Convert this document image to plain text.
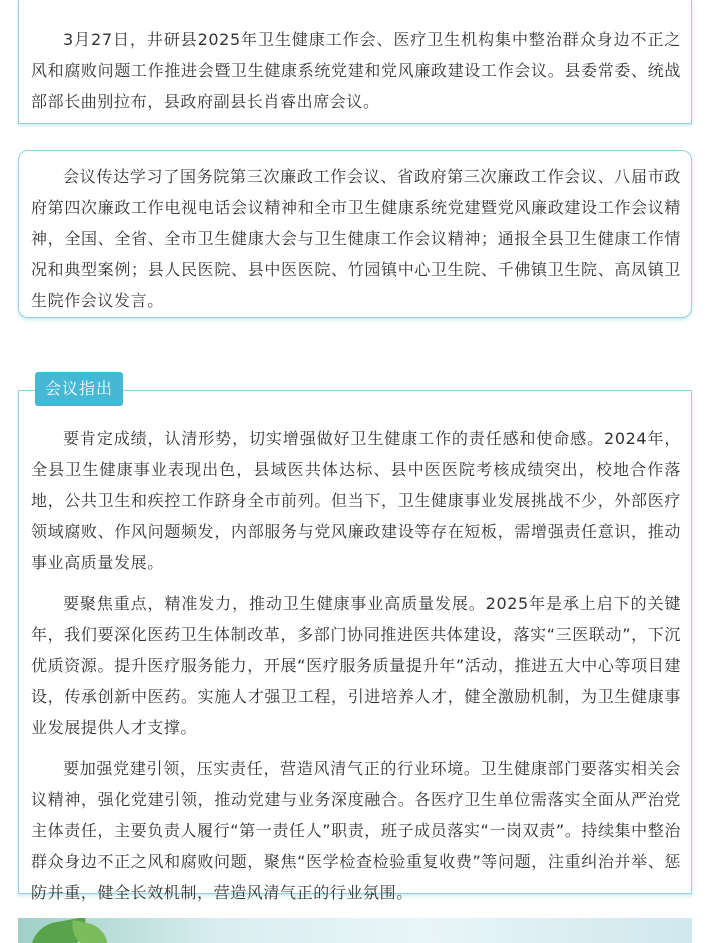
3月27日，井研县2025年卫生健康工作会、医疗卫生机构集中整治群众身边不正之风和腐败问题工作推进会暨卫生健康系统党建和党风廉政建设工作会议。县委常委、统战部部长曲别拉布，县政府副县长肖睿出席会议。

会议传达学习了国务院第三次廉政工作会议、省政府第三次廉政工作会议、八届市政府第四次廉政工作电视电话会议精神和全市卫生健康系统党建暨党风廉政建设工作会议精神，全国、全省、全市卫生健康大会与卫生健康工作会议精神；通报全县卫生健康工作情况和典型案例；县人民医院、县中医医院、竹园镇中心卫生院、千佛镇卫生院、高凤镇卫生院作会议发言。

要肯定成绩，认清形势，切实增强做好卫生健康工作的责任感和使命感。2024年，全县卫生健康事业表现出色，县域医共体达标、县中医医院考核成绩突出，校地合作落地，公共卫生和疾控工作跻身全市前列。但当下，卫生健康事业发展挑战不少，外部医疗领域腐败、作风问题频发，内部服务与党风廉政建设等存在短板，需增强责任意识，推动事业高质量发展。

要聚焦重点，精准发力，推动卫生健康事业高质量发展。2025年是承上启下的关键年，我们要深化医药卫生体制改革，多部门协同推进医共体建设，落实“三医联动”，下沉优质资源。提升医疗服务能力，开展“医疗服务质量提升年”活动，推进五大中心等项目建设，传承创新中医药。实施人才强卫工程，引进培养人才，健全激励机制，为卫生健康事业发展提供人才支撑。

要加强党建引领，压实责任，营造风清气正的行业环境。卫生健康部门要落实相关会议精神，强化党建引领，推动党建与业务深度融合。各医疗卫生单位需落实全面从严治党主体责任，主要负责人履行“第一责任人”职责，班子成员落实“一岗双责”。持续集中整治群众身边不正之风和腐败问题，聚焦“医学检查检验重复收费”等问题，注重纠治并举、惩防并重，健全长效机制，营造风清气正的行业氛围。

会议指出
